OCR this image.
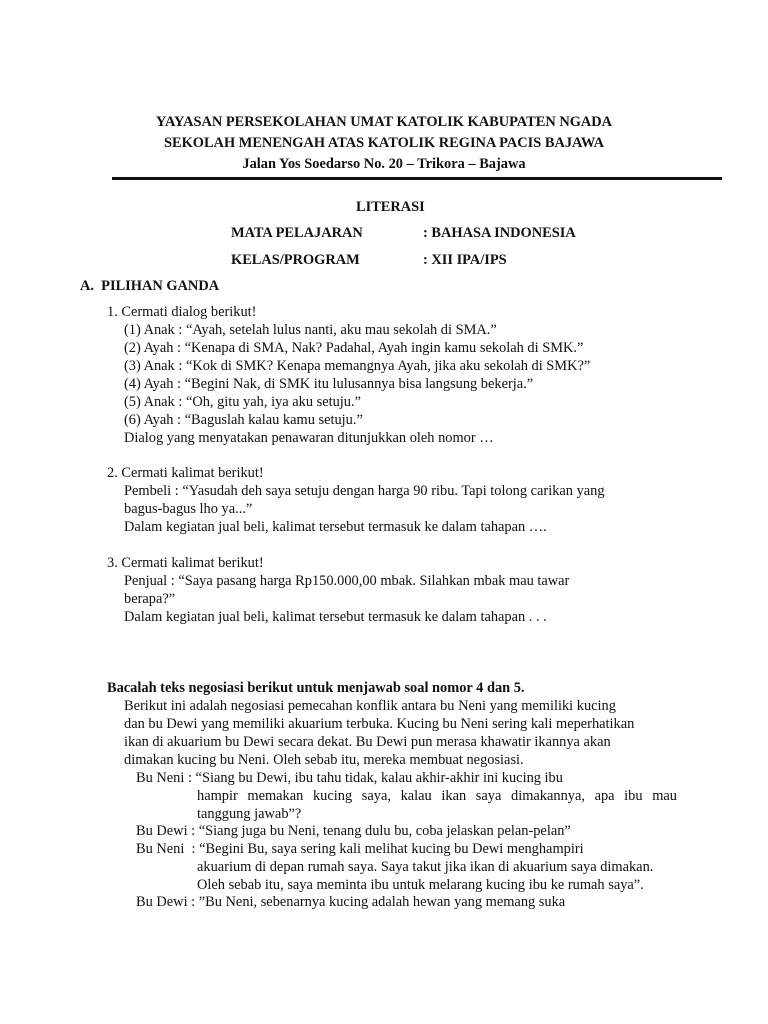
YAYASAN PERSEKOLAHAN UMAT KATOLIK KABUPATEN NGADA
SEKOLAH MENENGAH ATAS KATOLIK REGINA PACIS BAJAWA
Jalan Yos Soedarso No. 20 – Trikora – Bajawa
LITERASI
MATA PELAJARAN	: BAHASA INDONESIA
KELAS/PROGRAM	: XII IPA/IPS
A.  PILIHAN GANDA
1. Cermati dialog berikut!
(1) Anak : “Ayah, setelah lulus nanti, aku mau sekolah di SMA.”
(2) Ayah : “Kenapa di SMA, Nak? Padahal, Ayah ingin kamu sekolah di SMK.”
(3) Anak : “Kok di SMK? Kenapa memangnya Ayah, jika aku sekolah di SMK?”
(4) Ayah : “Begini Nak, di SMK itu lulusannya bisa langsung bekerja.”
(5) Anak : “Oh, gitu yah, iya aku setuju.”
(6) Ayah : “Baguslah kalau kamu setuju.”
Dialog yang menyatakan penawaran ditunjukkan oleh nomor …
2. Cermati kalimat berikut!
Pembeli : “Yasudah deh saya setuju dengan harga 90 ribu. Tapi tolong carikan yang
bagus-bagus lho ya...”
Dalam kegiatan jual beli, kalimat tersebut termasuk ke dalam tahapan ….
3. Cermati kalimat berikut!
Penjual : “Saya pasang harga Rp150.000,00 mbak. Silahkan mbak mau tawar
berapa?”
Dalam kegiatan jual beli, kalimat tersebut termasuk ke dalam tahapan . . .
Bacalah teks negosiasi berikut untuk menjawab soal nomor 4 dan 5.
Berikut ini adalah negosiasi pemecahan konflik antara bu Neni yang memiliki kucing
dan bu Dewi yang memiliki akuarium terbuka. Kucing bu Neni sering kali meperhatikan
ikan di akuarium bu Dewi secara dekat. Bu Dewi pun merasa khawatir ikannya akan
dimakan kucing bu Neni. Oleh sebab itu, mereka membuat negosiasi.
Bu Neni : “Siang bu Dewi, ibu tahu tidak, kalau akhir-akhir ini kucing ibu
hampir memakan kucing saya, kalau ikan saya dimakannya, apa ibu mau
tanggung jawab”?
Bu Dewi : “Siang juga bu Neni, tenang dulu bu, coba jelaskan pelan-pelan”
Bu Neni  : “Begini Bu, saya sering kali melihat kucing bu Dewi menghampiri
akuarium di depan rumah saya. Saya takut jika ikan di akuarium saya dimakan.
Oleh sebab itu, saya meminta ibu untuk melarang kucing ibu ke rumah saya”.
Bu Dewi : ”Bu Neni, sebenarnya kucing adalah hewan yang memang suka
